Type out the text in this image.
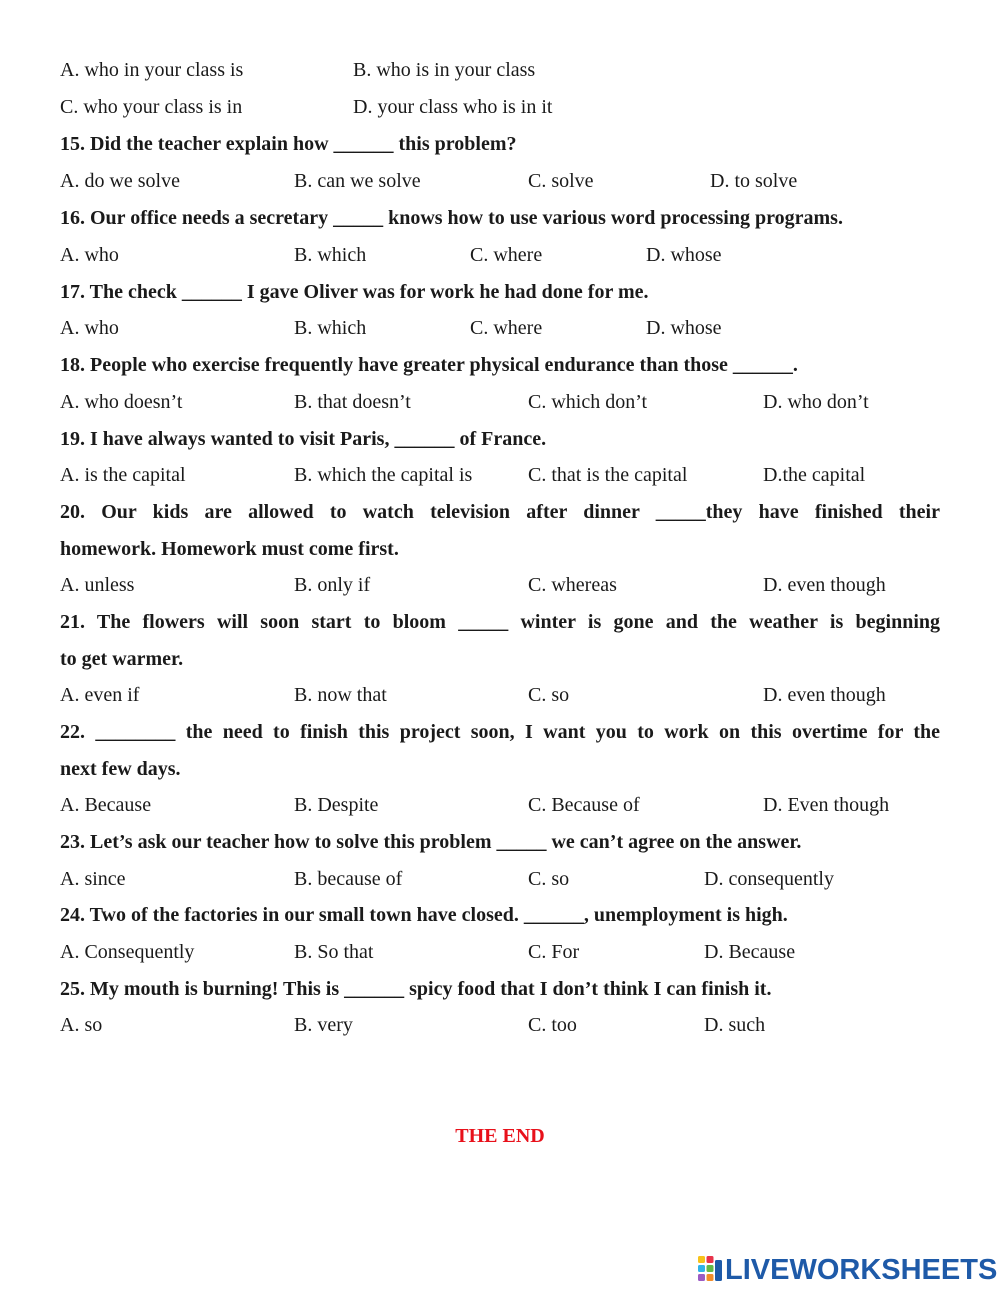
A. who in your class is	B. who is in your class
C. who your class is in	D. your class who is in it
15. Did the teacher explain how ______ this problem?
A. do we solve	B. can we solve	C. solve	D. to solve
16. Our office needs a secretary _____ knows how to use various word processing programs.
A. who	B. which	C. where	D. whose
17. The check ______ I gave Oliver was for work he had done for me.
A. who	B. which	C. where	D. whose
18. People who exercise frequently have greater physical endurance than those ______.
A. who doesn’t	B. that doesn’t	C. which don’t	D. who don’t
19. I have always wanted to visit Paris, ______ of France.
A. is the capital	B. which the capital is	C. that is the capital	D.the capital
20. Our kids are allowed to watch television after dinner _____they have finished their
homework. Homework must come first.
A. unless	B. only if	C. whereas	D. even though
21. The flowers will soon start to bloom _____ winter is gone and the weather is beginning
to get warmer.
A. even if	B. now that	C. so	D. even though
22. ________ the need to finish this project soon, I want you to work on this overtime for the
next few days.
A. Because	B. Despite	C. Because of	D. Even though
23. Let’s ask our teacher how to solve this problem _____ we can’t agree on the answer.
A. since	B. because of	C. so	D. consequently
24. Two of the factories in our small town have closed. ______, unemployment is high.
A. Consequently	B. So that	C. For	D. Because
25. My mouth is burning! This is ______ spicy food that I don’t think I can finish it.
A. so	B. very	C. too	D. such
THE END
LIVEWORKSHEETS
